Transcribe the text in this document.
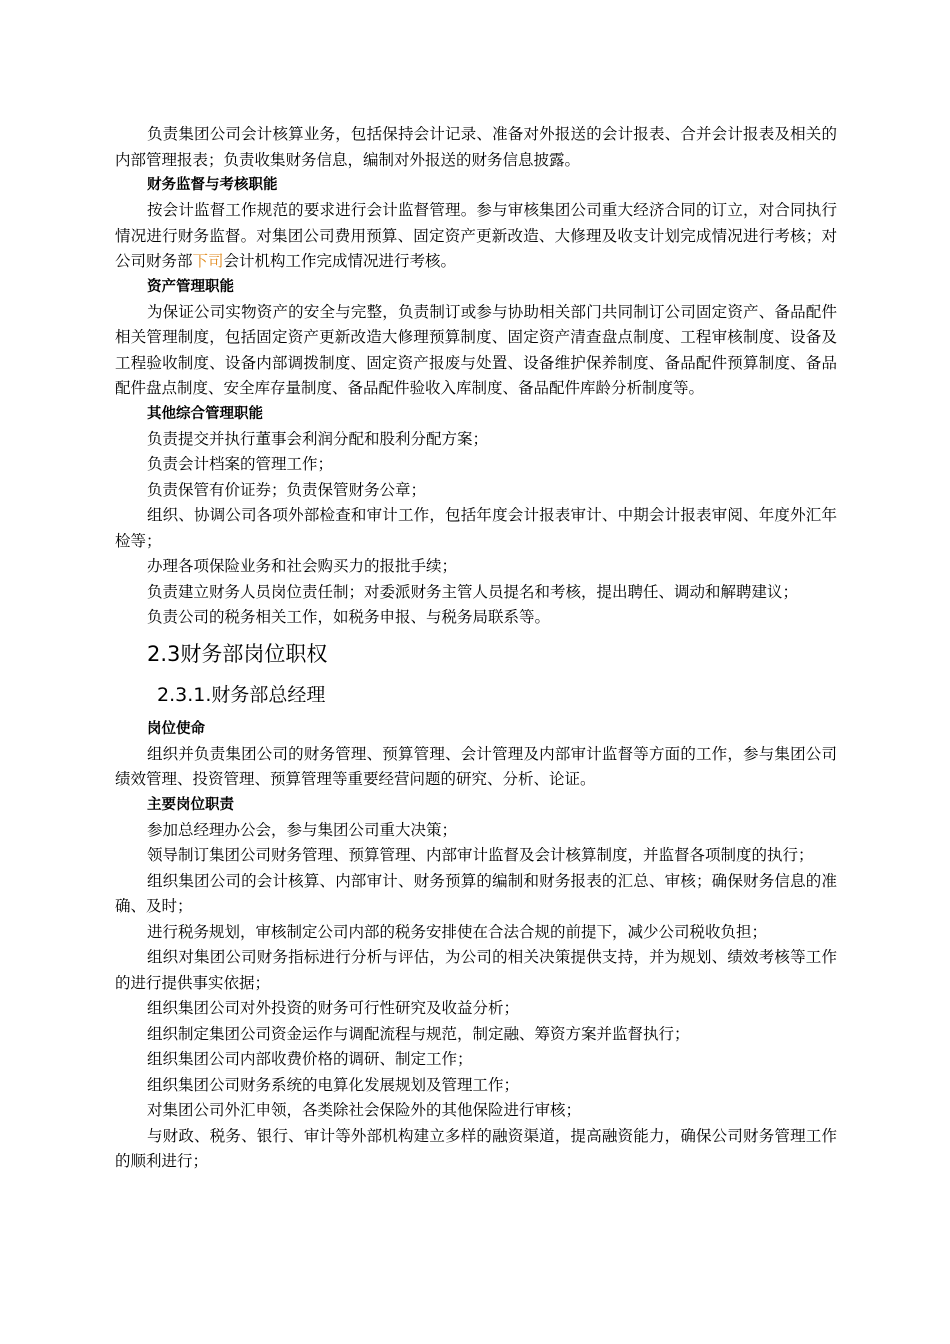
负责集团公司会计核算业务，包括保持会计记录、准备对外报送的会计报表、合并会计报表及相关的内部管理报表；负责收集财务信息，编制对外报送的财务信息披露。

财务监督与考核职能

按会计监督工作规范的要求进行会计监督管理。参与审核集团公司重大经济合同的订立，对合同执行情况进行财务监督。对集团公司费用预算、固定资产更新改造、大修理及收支计划完成情况进行考核；对公司财务部下司会计机构工作完成情况进行考核。

资产管理职能

为保证公司实物资产的安全与完整，负责制订或参与协助相关部门共同制订公司固定资产、备品配件相关管理制度，包括固定资产更新改造大修理预算制度、固定资产清查盘点制度、工程审核制度、设备及工程验收制度、设备内部调拨制度、固定资产报废与处置、设备维护保养制度、备品配件预算制度、备品配件盘点制度、安全库存量制度、备品配件验收入库制度、备品配件库龄分析制度等。

其他综合管理职能

负责提交并执行董事会利润分配和股利分配方案；

负责会计档案的管理工作；

负责保管有价证券；负责保管财务公章；

组织、协调公司各项外部检查和审计工作，包括年度会计报表审计、中期会计报表审阅、年度外汇年检等；

办理各项保险业务和社会购买力的报批手续；

负责建立财务人员岗位责任制；对委派财务主管人员提名和考核，提出聘任、调动和解聘建议；

负责公司的税务相关工作，如税务申报、与税务局联系等。

2.3财务部岗位职权
2.3.1.财务部总经理
岗位使命

组织并负责集团公司的财务管理、预算管理、会计管理及内部审计监督等方面的工作，参与集团公司绩效管理、投资管理、预算管理等重要经营问题的研究、分析、论证。

主要岗位职责

参加总经理办公会，参与集团公司重大决策；

领导制订集团公司财务管理、预算管理、内部审计监督及会计核算制度，并监督各项制度的执行；

组织集团公司的会计核算、内部审计、财务预算的编制和财务报表的汇总、审核；确保财务信息的准确、及时；

进行税务规划，审核制定公司内部的税务安排使在合法合规的前提下，减少公司税收负担；

组织对集团公司财务指标进行分析与评估，为公司的相关决策提供支持，并为规划、绩效考核等工作的进行提供事实依据；

组织集团公司对外投资的财务可行性研究及收益分析；

组织制定集团公司资金运作与调配流程与规范，制定融、筹资方案并监督执行；

组织集团公司内部收费价格的调研、制定工作；

组织集团公司财务系统的电算化发展规划及管理工作；

对集团公司外汇申领，各类除社会保险外的其他保险进行审核；

与财政、税务、银行、审计等外部机构建立多样的融资渠道，提高融资能力，确保公司财务管理工作的顺利进行；
